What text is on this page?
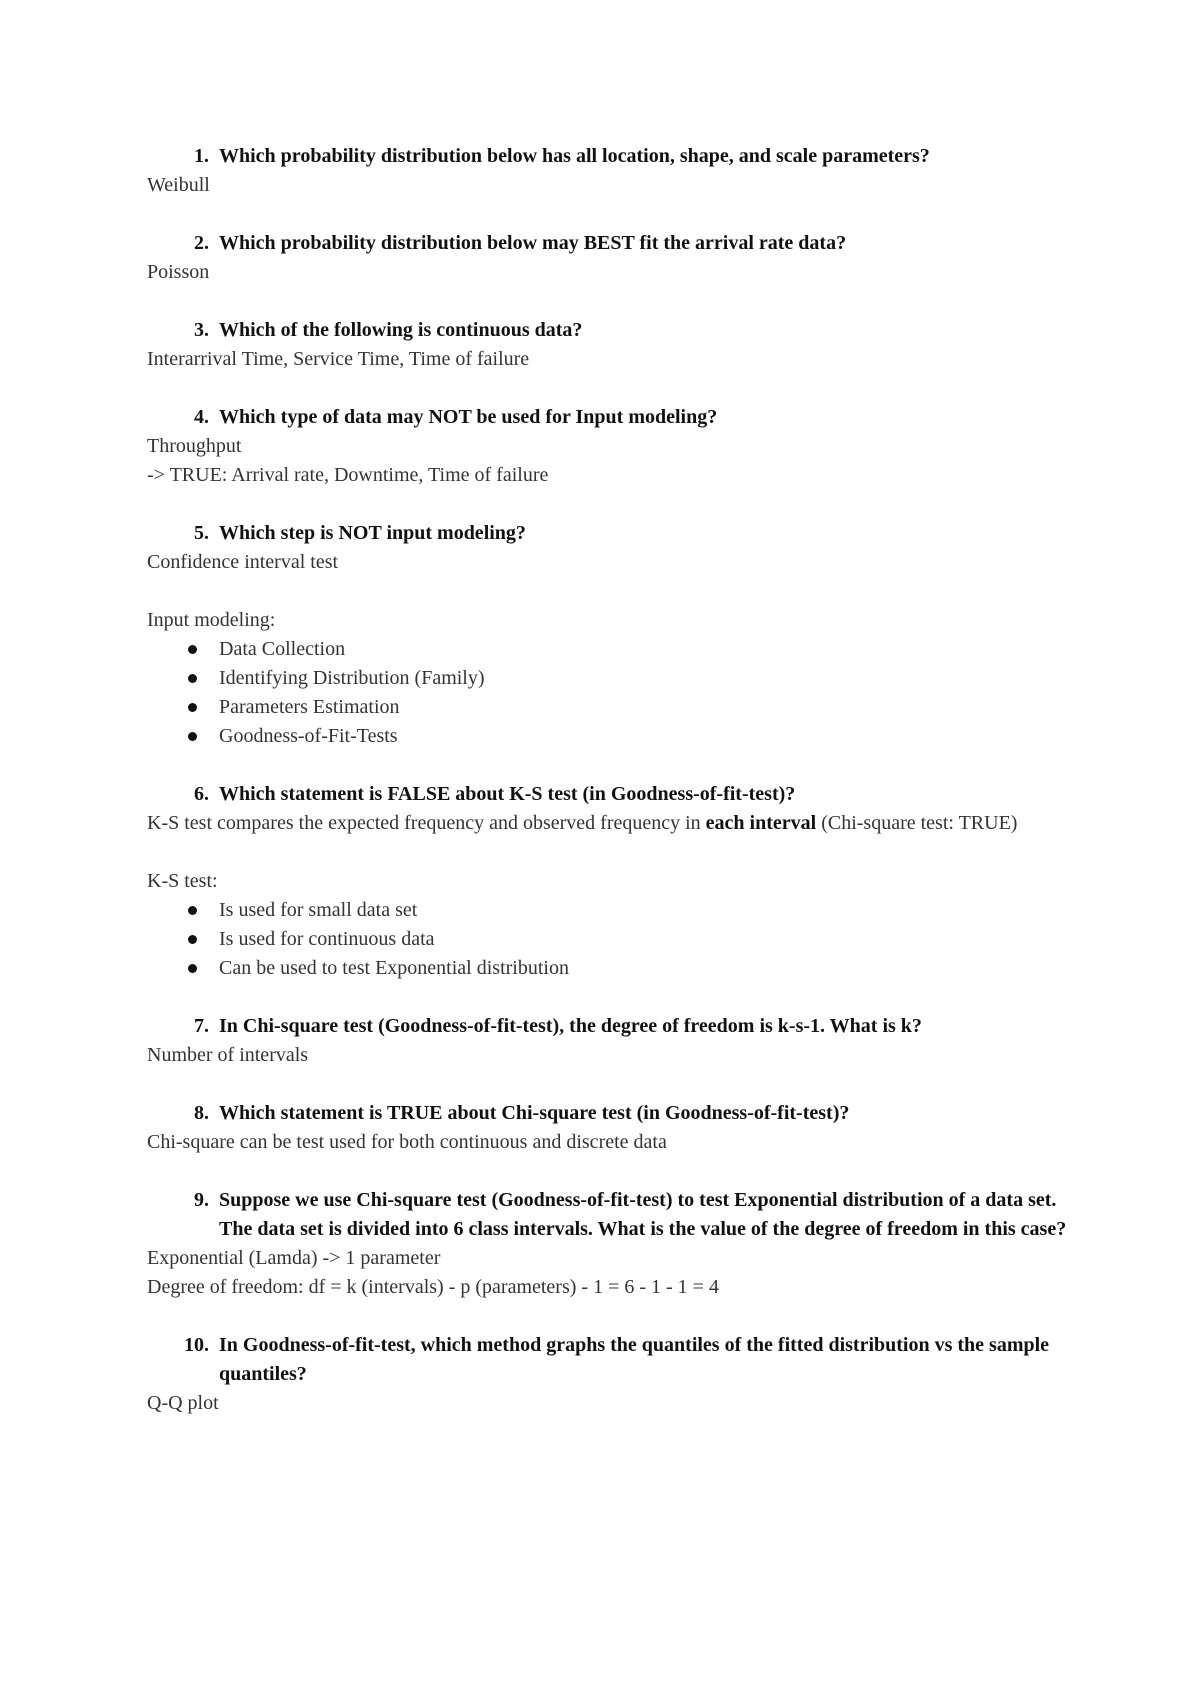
1. Which probability distribution below has all location, shape, and scale parameters?
Weibull
2. Which probability distribution below may BEST fit the arrival rate data?
Poisson
3. Which of the following is continuous data?
Interarrival Time, Service Time, Time of failure
4. Which type of data may NOT be used for Input modeling?
Throughput
-> TRUE: Arrival rate, Downtime, Time of failure
5. Which step is NOT input modeling?
Confidence interval test
Input modeling:
Data Collection
Identifying Distribution (Family)
Parameters Estimation
Goodness-of-Fit-Tests
6. Which statement is FALSE about K-S test (in Goodness-of-fit-test)?
K-S test compares the expected frequency and observed frequency in each interval (Chi-square test: TRUE)
K-S test:
Is used for small data set
Is used for continuous data
Can be used to test Exponential distribution
7. In Chi-square test (Goodness-of-fit-test), the degree of freedom is k-s-1. What is k?
Number of intervals
8. Which statement is TRUE about Chi-square test (in Goodness-of-fit-test)?
Chi-square can be test used for both continuous and discrete data
9. Suppose we use Chi-square test (Goodness-of-fit-test) to test Exponential distribution of a data set. The data set is divided into 6 class intervals. What is the value of the degree of freedom in this case?
Exponential (Lamda) -> 1 parameter
Degree of freedom: df = k (intervals) - p (parameters) - 1 = 6 - 1 - 1 = 4
10. In Goodness-of-fit-test, which method graphs the quantiles of the fitted distribution vs the sample quantiles?
Q-Q plot
